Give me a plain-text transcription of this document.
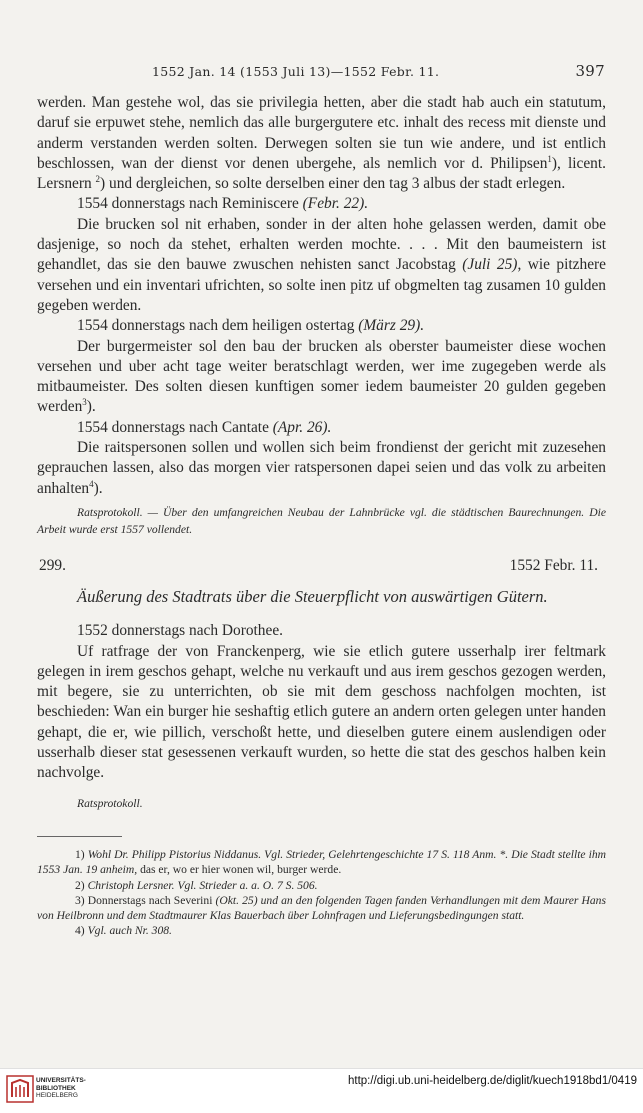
1552 Jan. 14 (1553 Juli 13)—1552 Febr. 11.	397

werden. Man gestehe wol, das sie privilegia hetten, aber die stadt hab auch ein statutum, daruf sie erpuwet stehe, nemlich das alle burgergutere etc. inhalt des recess mit dienste und anderm verstanden werden solten. Derwegen solten sie tun wie andere, und ist entlich beschlossen, wan der dienst vor denen ubergehe, als nemlich vor d. Philipsen$^1$), licent. Lersnern $^2$) und dergleichen, so solte derselben einer den tag 3 albus der stadt erlegen.

1554 donnerstags nach Reminiscere (Febr. 22).

Die brucken sol nit erhaben, sonder in der alten hohe gelassen werden, damit obe dasjenige, so noch da stehet, erhalten werden mochte. . . . Mit den baumeistern ist gehandlet, das sie den bauwe zwuschen nehisten sanct Jacobstag (Juli 25), wie pitzhere versehen und ein inventari ufrichten, so solte inen pitz uf obgmelten tag zusamen 10 gulden gegeben werden.

1554 donnerstags nach dem heiligen ostertag (März 29).

Der burgermeister sol den bau der brucken als oberster baumeister diese wochen versehen und uber acht tage weiter beratschlagt werden, wer ime zugegeben werde als mitbaumeister. Des solten diesen kunftigen somer iedem baumeister 20 gulden gegeben werden$^3$).

1554 donnerstags nach Cantate (Apr. 26).

Die raitspersonen sollen und wollen sich beim frondienst der gericht mit zuzesehen geprauchen lassen, also das morgen vier ratspersonen dapei seien und das volk zu arbeiten anhalten$^4$).

Ratsprotokoll. — Über den umfangreichen Neubau der Lahnbrücke vgl. die städtischen Baurechnungen. Die Arbeit wurde erst 1557 vollendet.

299.	1552 Febr. 11.

Äußerung des Stadtrats über die Steuerpflicht von auswärtigen Gütern.

1552 donnerstags nach Dorothee.

Uf ratfrage der von Franckenperg, wie sie etlich gutere usserhalp irer feltmark gelegen in irem geschos gehapt, welche nu verkauft und aus irem geschos gezogen werden, mit begere, sie zu unterrichten, ob sie mit dem geschoss nachfolgen mochten, ist beschieden: Wan ein burger hie seshaftig etlich gutere an andern orten gelegen unter handen gehapt, die er, wie pillich, verschoßt hette, und dieselben gutere einem auslendigen oder usserhalb dieser stat gesessenen verkauft wurden, so hette die stat des geschos halben kein nachvolge.

Ratsprotokoll.

1) Wohl Dr. Philipp Pistorius Niddanus. Vgl. Strieder, Gelehrtengeschichte 17 S. 118 Anm. *. Die Stadt stellte ihm 1553 Jan. 19 anheim, das er, wo er hier wonen wil, burger werde.

2) Christoph Lersner. Vgl. Strieder a. a. O. 7 S. 506.

3) Donnerstags nach Severini (Okt. 25) und an den folgenden Tagen fanden Verhandlungen mit dem Maurer Hans von Heilbronn und dem Stadtmaurer Klas Bauerbach über Lohnfragen und Lieferungsbedingungen statt.

4) Vgl. auch Nr. 308.

UNIVERSITÄTS-
BIBLIOTHEK
HEIDELBERG
http://digi.ub.uni-heidelberg.de/diglit/kuech1918bd1/0419
